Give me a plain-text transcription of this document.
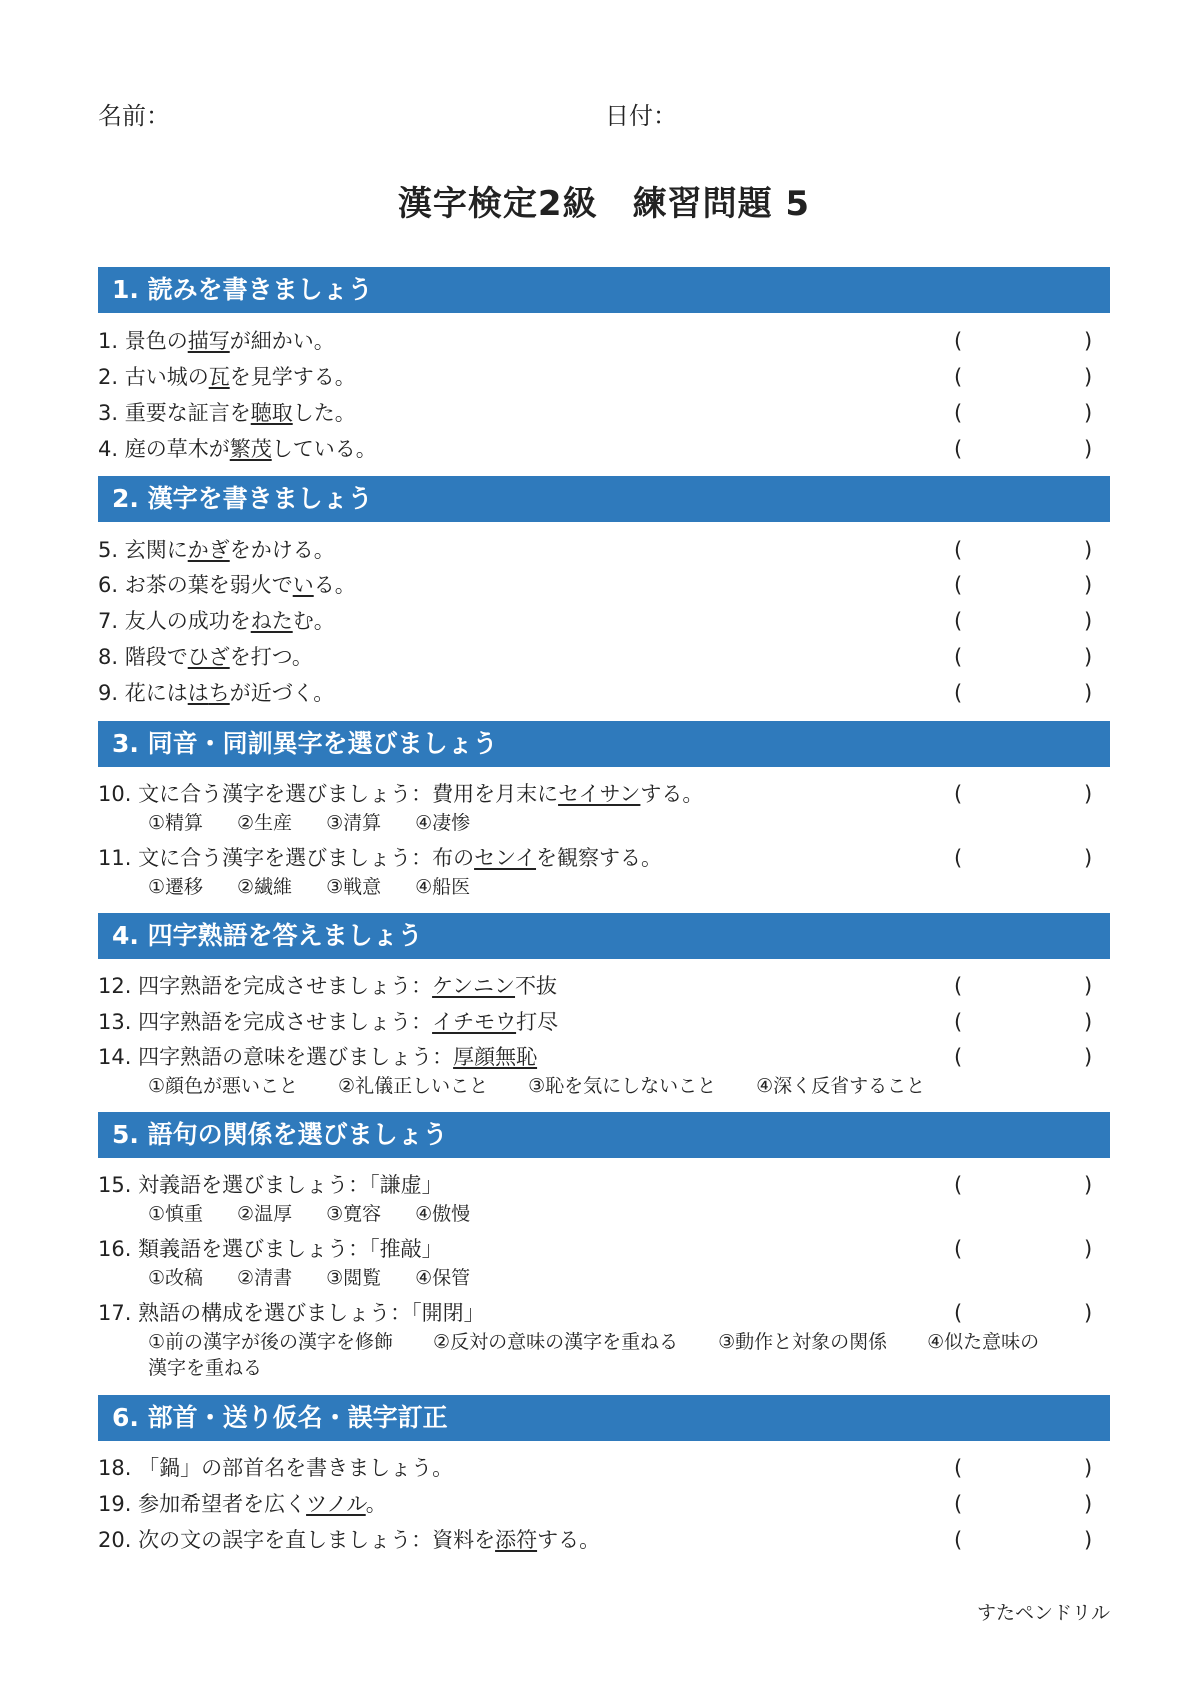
名前：	日付：
漢字検定2級　練習問題 5
1. 読みを書きましょう
1. 景色の描写が細かい。	(	)
2. 古い城の瓦を見学する。	(	)
3. 重要な証言を聴取した。	(	)
4. 庭の草木が繁茂している。	(	)
2. 漢字を書きましょう
5. 玄関にかぎをかける。	(	)
6. お茶の葉を弱火でいる。	(	)
7. 友人の成功をねたむ。	(	)
8. 階段でひざを打つ。	(	)
9. 花にははちが近づく。	(	)
3. 同音・同訓異字を選びましょう
10. 文に合う漢字を選びましょう：費用を月末にセイサンする。	(	)
①精算 ②生産 ③清算 ④凄惨
11. 文に合う漢字を選びましょう：布のセンイを観察する。	(	)
①遷移 ②繊維 ③戦意 ④船医
4. 四字熟語を答えましょう
12. 四字熟語を完成させましょう：ケンニン不抜	(	)
13. 四字熟語を完成させましょう：イチモウ打尽	(	)
14. 四字熟語の意味を選びましょう：厚顔無恥	(	)
①顔色が悪いこと ②礼儀正しいこと ③恥を気にしないこと ④深く反省すること
5. 語句の関係を選びましょう
15. 対義語を選びましょう：「謙虚」	(	)
①慎重 ②温厚 ③寛容 ④傲慢
16. 類義語を選びましょう：「推敲」	(	)
①改稿 ②清書 ③閲覧 ④保管
17. 熟語の構成を選びましょう：「開閉」	(	)
①前の漢字が後の漢字を修飾 ②反対の意味の漢字を重ねる ③動作と対象の関係 ④似た意味の
漢字を重ねる
6. 部首・送り仮名・誤字訂正
18. 「鍋」の部首名を書きましょう。	(	)
19. 参加希望者を広くツノル。	(	)
20. 次の文の誤字を直しましょう：資料を添符する。	(	)
すたペンドリル
